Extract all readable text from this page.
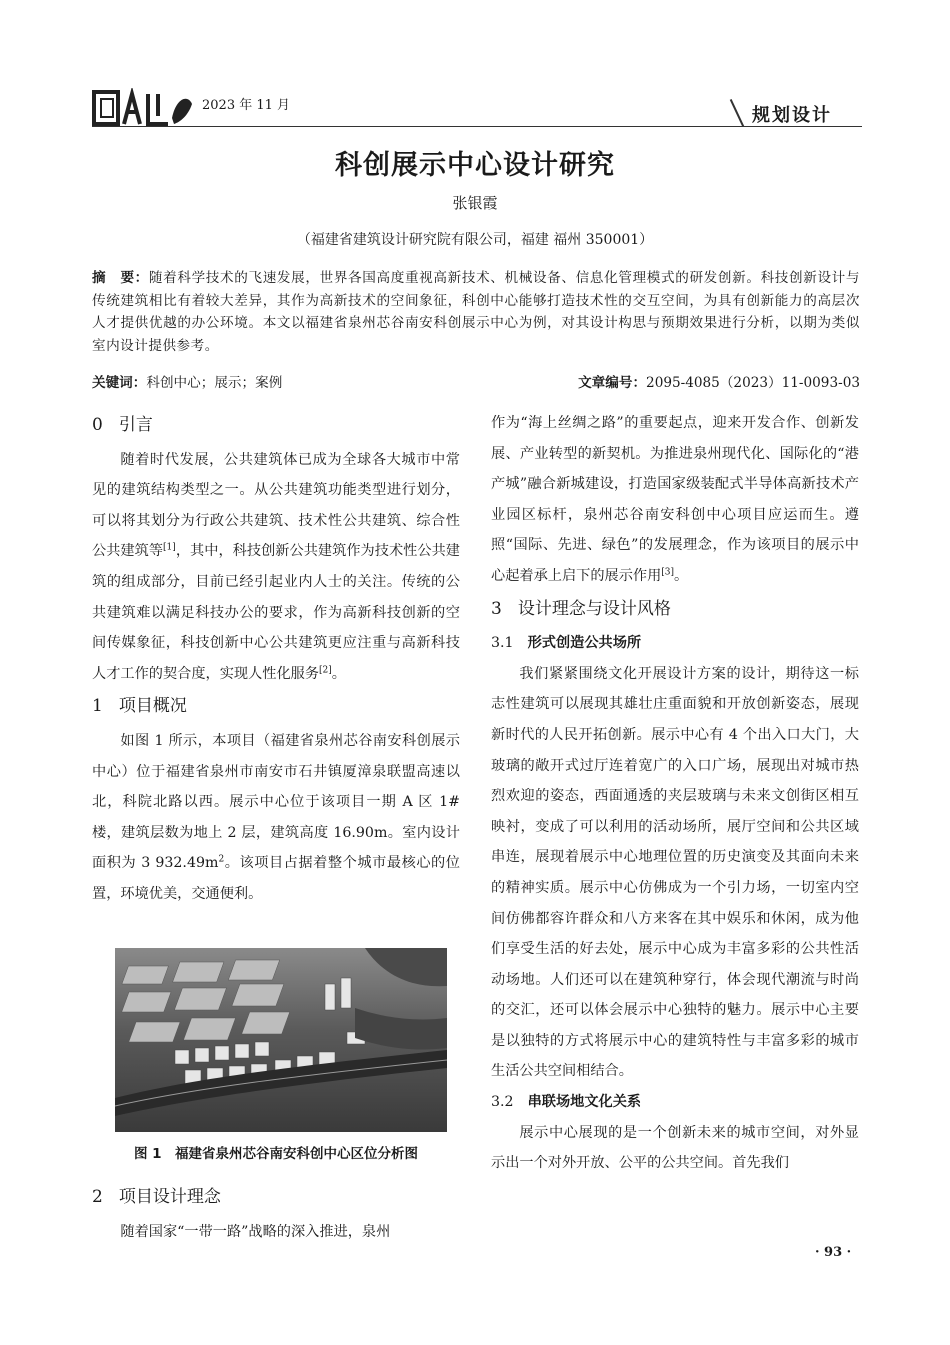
2023 年 11 月	规划设计
科创展示中心设计研究
张银霞
（福建省建筑设计研究院有限公司，福建 福州 350001）
摘　要：随着科学技术的飞速发展，世界各国高度重视高新技术、机械设备、信息化管理模式的研发创新。科技创新设计与传统建筑相比有着较大差异，其作为高新技术的空间象征，科创中心能够打造技术性的交互空间，为具有创新能力的高层次人才提供优越的办公环境。本文以福建省泉州芯谷南安科创展示中心为例，对其设计构思与预期效果进行分析，以期为类似室内设计提供参考。
关键词：科创中心；展示；案例	文章编号：2095-4085（2023）11-0093-03
0 引言

随着时代发展，公共建筑体已成为全球各大城市中常见的建筑结构类型之一。从公共建筑功能类型进行划分，可以将其划分为行政公共建筑、技术性公共建筑、综合性公共建筑等[1]，其中，科技创新公共建筑作为技术性公共建筑的组成部分，目前已经引起业内人士的关注。传统的公共建筑难以满足科技办公的要求，作为高新科技创新的空间传媒象征，科技创新中心公共建筑更应注重与高新科技人才工作的契合度，实现人性化服务[2]。

1 项目概况

如图 1 所示，本项目（福建省泉州芯谷南安科创展示中心）位于福建省泉州市南安市石井镇厦漳泉联盟高速以北，科院北路以西。展示中心位于该项目一期 A 区 1#楼，建筑层数为地上 2 层，建筑高度 16.90m。室内设计面积为 3 $932.49m^2$。该项目占据着整个城市最核心的位置，环境优美，交通便利。

图 1　福建省泉州芯谷南安科创中心区位分析图
2 项目设计理念

随着国家“一带一路”战略的深入推进，泉州

作为“海上丝绸之路”的重要起点，迎来开发合作、创新发展、产业转型的新契机。为推进泉州现代化、国际化的“港产城”融合新城建设，打造国家级装配式半导体高新技术产业园区标杆，泉州芯谷南安科创中心项目应运而生。遵照“国际、先进、绿色”的发展理念，作为该项目的展示中心起着承上启下的展示作用[3]。

3 设计理念与设计风格
3.1 形式创造公共场所

我们紧紧围绕文化开展设计方案的设计，期待这一标志性建筑可以展现其雄壮庄重面貌和开放创新姿态，展现新时代的人民开拓创新。展示中心有 4 个出入口大门，大玻璃的敞开式过厅连着宽广的入口广场，展现出对城市热烈欢迎的姿态，西面通透的夹层玻璃与未来文创街区相互映衬，变成了可以利用的活动场所，展厅空间和公共区域串连，展现着展示中心地理位置的历史演变及其面向未来的精神实质。展示中心仿佛成为一个引力场，一切室内空间仿佛都容许群众和八方来客在其中娱乐和休闲，成为他们享受生活的好去处，展示中心成为丰富多彩的公共性活动场地。人们还可以在建筑种穿行，体会现代潮流与时尚的交汇，还可以体会展示中心独特的魅力。展示中心主要是以独特的方式将展示中心的建筑特性与丰富多彩的城市生活公共空间相结合。

3.2 串联场地文化关系

展示中心展现的是一个创新未来的城市空间，对外显示出一个对外开放、公平的公共空间。首先我们

· 93 ·
